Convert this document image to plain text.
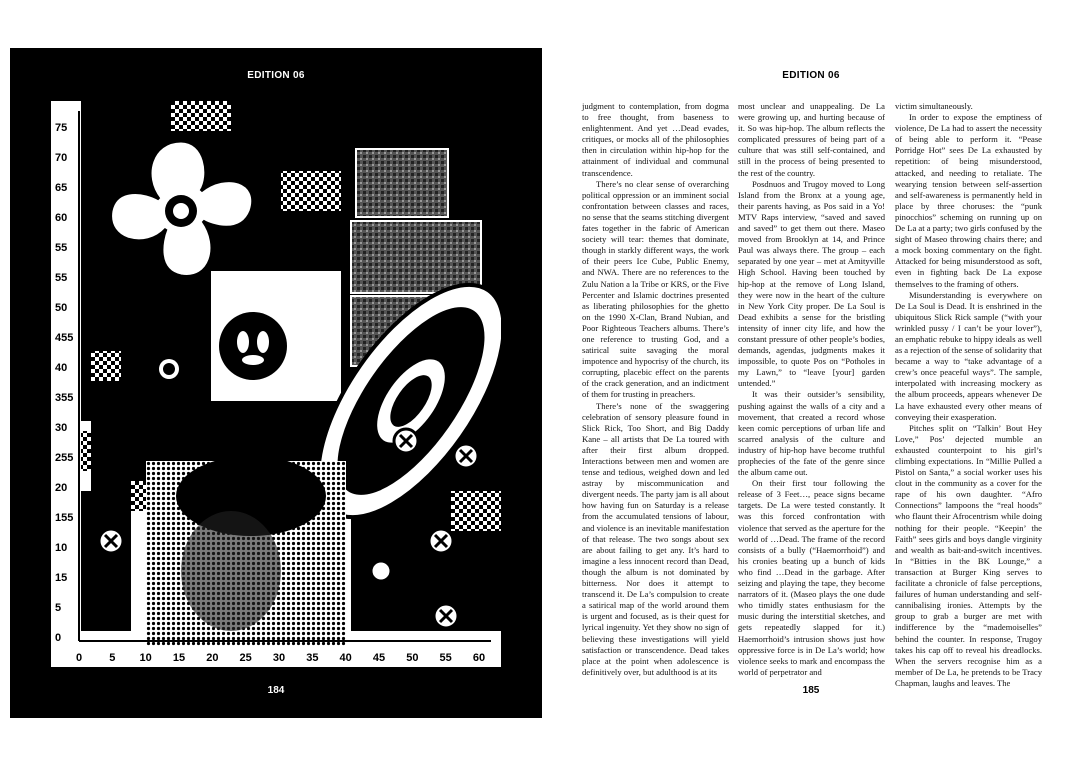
EDITION 06
75
70
65
60
55
55
50
455
40
355
30
255
20
155
10
15
5
0
0 5 10 15 20 25 30 35 40 45 50 55 60
184
EDITION 06

judgment to contemplation, from dogma to free thought, from baseness to enlightenment. And yet …Dead evades, critiques, or mocks all of the philosophies then in circulation within hip-hop for the attainment of individual and communal transcendence.

There’s no clear sense of overarching political oppression or an imminent social confrontation between classes and races, no sense that the seams stitching divergent fates together in the fabric of American society will tear: themes that dominate, though in starkly different ways, the work of their peers Ice Cube, Public Enemy, and NWA. There are no references to the Zulu Nation a la Tribe or KRS, or the Five Percenter and Islamic doctrines presented as liberating philosophies for the ghetto on the 1990 X-Clan, Brand Nubian, and Poor Righteous Teachers albums. There’s one reference to trusting God, and a satirical suite savaging the moral impotence and hypocrisy of the church, its corrupting, placebic effect on the parents of the crack generation, and an indictment of them for trusting in preachers.

There’s none of the swaggering celebration of sensory pleasure found in Slick Rick, Too Short, and Big Daddy Kane – all artists that De La toured with after their first album dropped. Interactions between men and women are tense and tedious, weighed down and led astray by miscommunication and divergent needs. The party jam is all about how having fun on Saturday is a release from the accumulated tensions of labour, and violence is an inevitable manifestation of that release. The two songs about sex are about failing to get any. It’s hard to imagine a less innocent record than Dead, though the album is not dominated by bitterness. Nor does it attempt to transcend it. De La’s compulsion to create a satirical map of the world around them is urgent and focused, as is their quest for lyrical ingenuity. Yet they show no sign of believing these investigations will yield satisfaction or transcendence. Dead takes place at the point when adolescence is definitively over, but adulthood is at its

most unclear and unappealing. De La were growing up, and hurting because of it. So was hip-hop. The album reflects the complicated pressures of being part of a culture that was still self-contained, and still in the process of being presented to the rest of the country.

Posdnuos and Trugoy moved to Long Island from the Bronx at a young age, their parents having, as Pos said in a Yo! MTV Raps interview, “saved and saved and saved” to get them out there. Maseo moved from Brooklyn at 14, and Prince Paul was always there. The group – each separated by one year – met at Amityville High School. Having been touched by hip-hop at the remove of Long Island, they were now in the heart of the culture in New York City proper. De La Soul is Dead exhibits a sense for the bristling intensity of inner city life, and how the constant pressure of other people’s bodies, demands, agendas, judgments makes it impossible, to quote Pos on “Potholes in my Lawn,” to “leave [your] garden untended.”

It was their outsider’s sensibility, pushing against the walls of a city and a movement, that created a record whose keen comic perceptions of urban life and scarred analysis of the culture and industry of hip-hop have become truthful prophecies of the fate of the genre since the album came out.

On their first tour following the release of 3 Feet…, peace signs became targets. De La were tested constantly. It was this forced confrontation with violence that served as the aperture for the world of …Dead. The frame of the record consists of a bully (“Haemorrhoid”) and his cronies beating up a bunch of kids who find …Dead in the garbage. After seizing and playing the tape, they become narrators of it. (Maseo plays the one dude who timidly states enthusiasm for the music during the interstitial sketches, and gets repeatedly slapped for it.) Haemorrhoid’s intrusion shows just how oppressive force is in De La’s world; how violence seeks to mark and encompass the world of perpetrator and

victim simultaneously.

In order to expose the emptiness of violence, De La had to assert the necessity of being able to perform it. “Pease Porridge Hot” sees De La exhausted by repetition: of being misunderstood, attacked, and needing to retaliate. The wearying tension between self-assertion and self-awareness is permanently held in place by three choruses: the “punk pinocchios” scheming on running up on De La at a party; two girls confused by the sight of Maseo throwing chairs there; and a mock boxing commentary on the fight. Attacked for being misunderstood as soft, even in fighting back De La expose themselves to the framing of others.

Misunderstanding is everywhere on De La Soul is Dead. It is enshrined in the ubiquitous Slick Rick sample (“with your wrinkled pussy / I can’t be your lover”), an emphatic rebuke to hippy ideals as well as a rejection of the sense of solidarity that became a way to “take advantage of a crew’s once peaceful ways”. The sample, interpolated with increasing mockery as the album proceeds, appears whenever De La have exhausted every other means of conveying their exasperation.

Pitches split on “Talkin’ Bout Hey Love,” Pos’ dejected mumble an exhausted counterpoint to his girl’s climbing expectations. In “Millie Pulled a Pistol on Santa,” a social worker uses his clout in the community as a cover for the rape of his own daughter. “Afro Connections” lampoons the “real hoods” who flaunt their Afrocentrism while doing nothing for their people. “Keepin’ the Faith” sees girls and boys dangle virginity and wealth as bait-and-switch incentives. In “Bitties in the BK Lounge,” a transaction at Burger King serves to facilitate a chronicle of false perceptions, failures of human understanding and self-cannibalising ironies. Attempts by the group to grab a burger are met with indifference by the “mademoiselles” behind the counter. In response, Trugoy takes his cap off to reveal his dreadlocks. When the servers recognise him as a member of De La, he pretends to be Tracy Chapman, laughs and leaves. The

185
